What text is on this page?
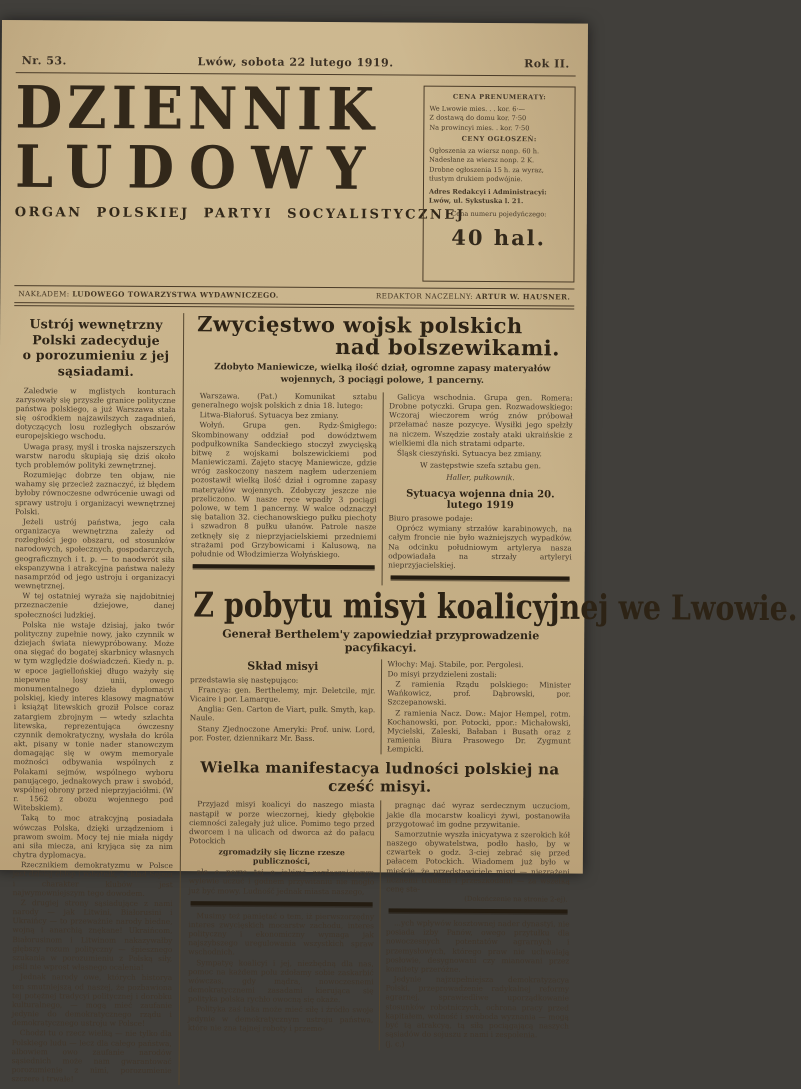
Nr. 53.	Lwów, sobota 22 lutego 1919.	Rok II.
DZIENNIK
LUDOWY
ORGAN POLSKIEJ PARTYI SOCYALISTYCZNEJ
CENA PRENUMERATY:
We Lwowie mies. . . kor. 6·—
Z dostawą do domu kor. 7·50
Na prowincyi mies. . kor. 7·50
CENY OGŁOSZEŃ:
Ogłoszenia za wiersz nonp. 60 h.
Nadesłane za wiersz nonp. 2 K.
Drobne ogłoszenia 15 h. za wyraz,
tłustym drukiem podwójnie.
Adres Redakcyi i Administracyi:
Lwów, ul. Sykstuska l. 21.
Cena numeru pojedyńczego:
40 hal.
NAKŁADEM: LUDOWEGO TOWARZYSTWA WYDAWNICZEGO.	REDAKTOR NACZELNY: ARTUR W. HAUSNER.
Ustrój wewnętrzny Polski zadecyduje
o porozumieniu z jej sąsiadami.

Zaledwie w mglistych konturach zarysowały się przyszłe granice polityczne państwa polskiego, a już Warszawa stała się ośrodkiem najzawilszych zagadnień, dotyczących losu rozległych obszarów europejskiego wschodu.

Uwaga prasy, myśl i troska najszerszych warstw narodu skupiają się dziś około tych problemów polityki zewnętrznej.

Rozumiejąc dobrze ten objaw, nie wahamy się przecież zaznaczyć, iż błędem byłoby równoczesne odwrócenie uwagi od sprawy ustroju i organizacyi wewnętrznej Polski.

Jeżeli ustrój państwa, jego cała organizacya wewnętrzna zależy od rozległości jego obszaru, od stosunków narodowych, społecznych, gospodarczych, geograficznych i t. p. — to naodwrót siła ekspanzywna i atrakcyjna państwa należy nasamprzód od jego ustroju i organizacyi wewnętrznej.

W tej ostatniej wyraża się najdobitniej przeznaczenie dziejowe, danej społeczności ludzkiej.

Polska nie wstaje dzisiaj, jako twór polityczny zupełnie nowy, jako czynnik w dziejach świata niewypróbowany. Może ona sięgać do bogatej skarbnicy własnych w tym względzie doświadczeń. Kiedy n. p. w epoce jagiellońskiej długo ważyły się niepewne losy unii, owego monumentalnego dzieła dyplomacyi polskiej, kiedy interes klasowy magnatów i książąt litewskich groził Polsce coraz zatargiem zbrojnym — wtedy szlachta litewska, reprezentująca ówczesny czynnik demokratyczny, wysłała do króla akt, pisany w tonie nader stanowczym domagając się w owym memoryale możności odbywania wspólnych z Polakami sejmów, wspólnego wyboru panującego, jednakowych praw i swobód, wspólnej obrony przed nieprzyjaciółmi. (W r. 1562 z obozu wojennego pod Witebskiem).

Taką to moc atrakcyjną posiadała wówczas Polska, dzięki urządzeniom i prawom swoim. Mocy tej nie miała nigdy ani siła miecza, ani kryjąca się za nim chytra dyplomacya.

Rzecznikiem demokratyzmu w Polsce jest dzisiaj chłop i robotnik, a skład Sejmu i charakter klubów jest najwymowniejszym tego dowodem.

Z drugiej strony sąsiadujące z nami narody — jak Litwini, Białorusini i Ukraińcy — to przeważnie narody biedne, wojną i anarchią znękane! Ukraińcom, Białorusinom i Litwinom nakazywałby głębszy rozum polityczny — śpiesznego szukania w porozumieniu z Polską siły, jeśli nie wprost własnego ocalenia!

Jednak narody owe, których historya ten smutniejszą od naszej, że pozbawiona tej potężnej tradycyi politycznej i dorobku kulturalnego, — mogą mieć zaufanie jedynie do demokratycznego rządu i demokratycznego ustroju w Polsce!

Chodzi tu o rzecz wielką — nie tylko dla Polskiego ludu — lecz dla całego państwa, albowiem owo zaufanie narodów sąsiednich może nam gwarantować porozumienie z nimi, porozumienie szczere i trwałe!

Zwycięstwo wojsk polskich
nad bolszewikami.
Zdobyto Maniewicze, wielką ilość dział, ogromne zapasy materyałów
wojennych, 3 pociągi polowe, 1 pancerny.

Warszawa. (Pat.) Komunikat sztabu generalnego wojsk polskich z dnia 18. lutego:

Litwa-Białoruś. Sytuacya bez zmiany.

Wołyń. Grupa gen. Rydz-Śmigłego: Skombinowany oddział pod dowództwem podpułkownika Sandeckiego stoczył zwycięską bitwę z wojskami bolszewickiemi pod Maniewiczami. Zajęto stacyę Maniewicze, gdzie wróg zaskoczony naszem nagłem uderzeniem pozostawił wielką ilość dział i ogromne zapasy materyałów wojennych. Zdobyczy jeszcze nie przeliczono. W nasze ręce wpadły 3 pociągi polowe, w tem 1 pancerny. W walce odznaczył się batalion 32. ciechanowskiego pułku piechoty i szwadron 8 pułku ułanów. Patrole nasze zetknęły się z nieprzyjacielskiemi przedniemi strażami pod Grzybowicami i Kalusową, na południe od Włodzimierza Wołyńskiego.

Galicya wschodnia. Grupa gen. Romera: Drobne potyczki. Grupa gen. Rozwadowskiego: Wczoraj wieczorem wróg znów próbował przełamać nasze pozycye. Wysiłki jego spełzły na niczem. Wszędzie zostały ataki ukraińskie z wielkiemi dla nich stratami odparte.

Śląsk cieszyński. Sytuacya bez zmiany.

W zastępstwie szefa sztabu gen.

Haller, pułkownik.

Sytuacya wojenna dnia 20. lutego 1919

Biuro prasowe podaje:

Oprócz wymiany strzałów karabinowych, na całym froncie nie było ważniejszych wypadków. Na odcinku południowym artylerya nasza odpowiadała na strzały artyleryi nieprzyjacielskiej.

Z pobytu misyi koalicyjnej we Lwowie.
Generał Berthelem'y zapowiedział przyprowadzenie pacyfikacyi.
Skład misyi

przedstawia się następująco:

Francya: gen. Berthelemy, mjr. Deletcile, mjr. Vicaire i por. Lamarque.

Anglia: Gen. Carton de Viart, pułk. Smyth, kap. Naule.

Stany Zjednoczone Ameryki: Prof. uniw. Lord, por. Foster, dziennikarz Mr. Bass.

Włochy: Maj. Stabile, por. Pergolesi.

Do misyi przydzieleni zostali:

Z ramienia Rządu polskiego: Minister Wańkowicz, prof. Dąbrowski, por. Szczepanowski.

Z ramienia Nacz. Dow.: Major Hempel, rotm. Kochanowski, por. Potocki, ppor.: Michałowski, Mycielski, Zaleski, Bałaban i Busath oraz z ramienia Biura Prasowego Dr. Zygmunt Łempicki.

Wielka manifestacya ludności polskiej na cześć misyi.

Przyjazd misyi koalicyi do naszego miasta nastąpił w porze wieczornej, kiedy głębokie ciemności zalegały już ulice. Pomimo tego przed dworcem i na ulicach od dworca aż do pałacu Potockich

zgromadziły się liczne rzesze publiczności,

ale o porze tej o jakimś serdeczniejszym wylewie uczuć i godnem przywitaniu nie mogło już być mowy. Ludność jednak miasta naszego,

Musimy też pamiętać o tem, iż pierwszorzędny interes zwycięskich mocarstw zachodu, interes polityczny i ekonomiczny wymaga jak najszybszego uregulowania wszystkich spraw wschodnich.

Sympatyę koalicyi i jej, niezbędną dla nas, pomoc na każdem polu zdołamy sobie zaskarbić wówczas, gdy mądra, nowoczesnemi demokratycznemi zasadami kierująca się polityka polska rychło owocną się okaże.

Polityka zaś taka może mieć siłę i źródło swoje jedynie w demokratycznym ustroju państwa, które nie zna tajnej roboty i przemo-

pragnąc dać wyraz serdecznym uczuciom, jakie dla mocarstw koalicyi żywi, postanowiła przygotować im godne przywitanie.

Samorzutnie wyszła inicyatywa z szerokich kół naszego obywatelstwa, podło hasło, by w czwartek o godz. 3-ciej zebrać się przed pałacem Potockich. Wiadomem już było w mieście, że przedstawiciele misyi — niezrażeni licznemi trudami i przeszkodami — za wszelką cenę sta-

(Dokończenie na stronie 2-ej).

...ych wpływów kosztownej nader dynastyi, nie posiada izby Panów, owego przytułku dla nowoczesnych potentatów agrarnych i przemysłowych, którego praw nie uchwalają posłowie, desygnowani czy mianowani przez komitety przeróżne.

Jedynie najzupełniejsza demokratyzacya Polski, przeprowadzenie radykalnej reformy agrarnej, sprawiedliwe uporządkowanie stosunków robotniczych, ochrona pracy przed kapitałem, wolność i swoboda wyznania — mogą być tą atrakcyą, tą siłą pociągającą naszych sąsiadów do sojuszu z nami i zespolenia.

(j. c.)
